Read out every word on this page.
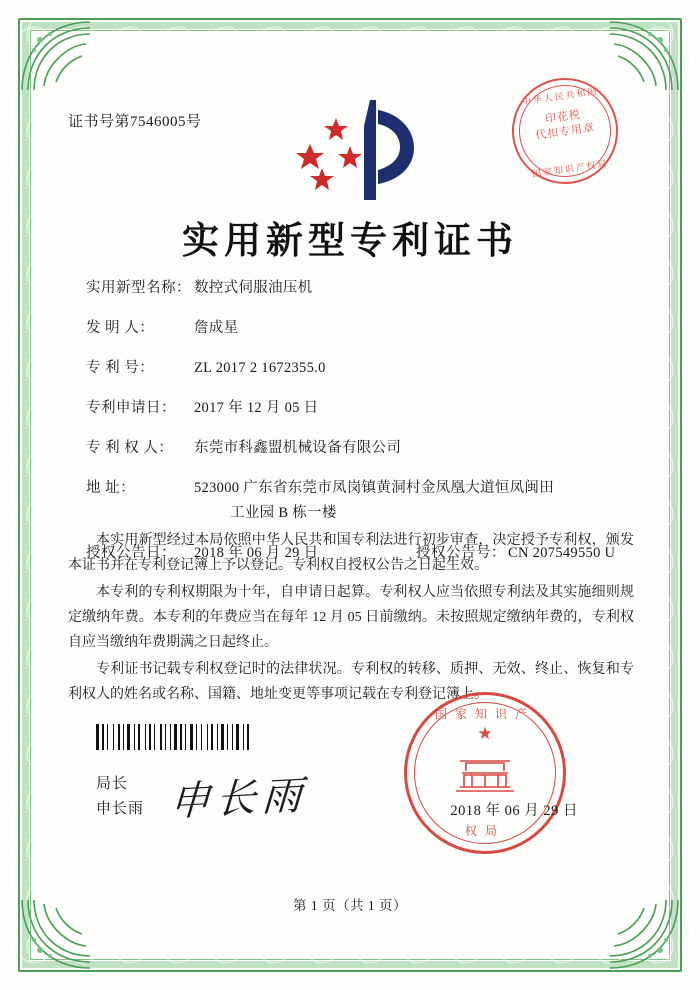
证书号第7546005号
中华人民共和国
印花税
代扣专用章
国家知识产权局
实用新型专利证书
实用新型名称： 数控式伺服油压机
发 明 人：	詹成星
专 利 号：	ZL 2017 2 1672355.0
专利申请日：	2017 年 12 月 05 日
专 利 权 人：	东莞市科鑫盟机械设备有限公司
地 址：	523000 广东省东莞市凤岗镇黄洞村金凤凰大道恒凤闽田
工业园 B 栋一楼
授权公告日：	2018 年 06 月 29 日	授权公告号： CN 207549550 U

本实用新型经过本局依照中华人民共和国专利法进行初步审查，决定授予专利权，颁发本证书并在专利登记簿上予以登记。专利权自授权公告之日起生效。

本专利的专利权期限为十年，自申请日起算。专利权人应当依照专利法及其实施细则规定缴纳年费。本专利的年费应当在每年 12 月 05 日前缴纳。未按照规定缴纳年费的，专利权自应当缴纳年费期满之日起终止。

专利证书记载专利权登记时的法律状况。专利权的转移、质押、无效、终止、恢复和专利权人的姓名或名称、国籍、地址变更等事项记载在专利登记簿上。

局长
申长雨 申长雨
国家知识产
★
权局
2018 年 06 月 29 日
第 1 页（共 1 页）
